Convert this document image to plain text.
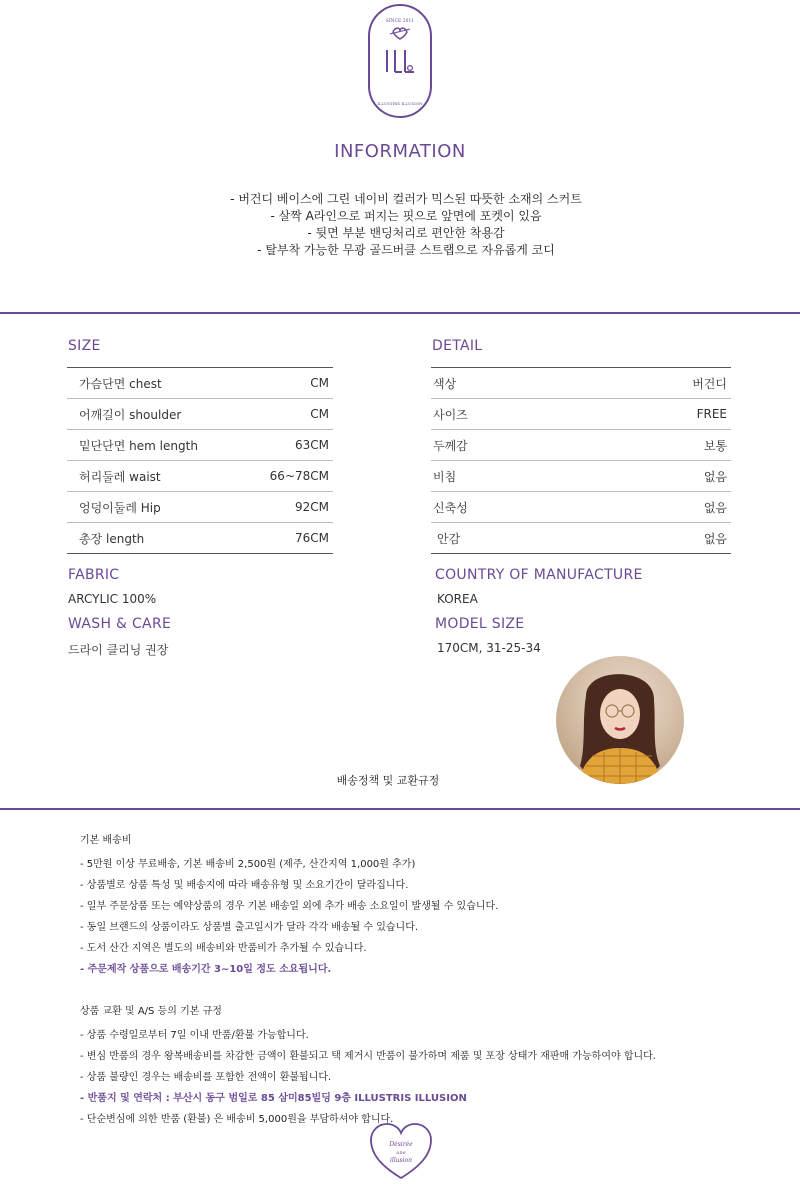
SINCE 2011
ILLUSTRIS ILLUSION
INFORMATION
- 버건디 베이스에 그린 네이비 컬러가 믹스된 따뜻한 소재의 스커트
- 살짝 A라인으로 퍼지는 핏으로 앞면에 포켓이 있음
- 뒷면 부분 밴딩처리로 편안한 착용감
- 탈부착 가능한 무광 골드버클 스트랩으로 자유롭게 코디
SIZE
가슴단면 chest	CM
어깨길이 shoulder	CM
밑단단면 hem length	63CM
허리둘레 waist	66~78CM
엉덩이둘레 Hip	92CM
총장 length	76CM
DETAIL
색상	버건디
사이즈	FREE
두께감	보통
비침	없음
신축성	없음
안감	없음
FABRIC
ARCYLIC 100%
WASH & CARE
드라이 클리닝 권장
COUNTRY OF MANUFACTURE
KOREA
MODEL SIZE
170CM, 31-25-34
배송정책 및 교환규정
기본 배송비
- 5만원 이상 무료배송, 기본 배송비 2,500원 (제주, 산간지역 1,000원 추가)
- 상품별로 상품 특성 및 배송지에 따라 배송유형 및 소요기간이 달라집니다.
- 일부 주문상품 또는 예약상품의 경우 기본 배송일 외에 추가 배송 소요일이 발생될 수 있습니다.
- 동일 브랜드의 상품이라도 상품별 출고일시가 달라 각각 배송될 수 있습니다.
- 도서 산간 지역은 별도의 배송비와 반품비가 추가될 수 있습니다.
- 주문제작 상품으로 배송기간 3~10일 정도 소요됩니다.
상품 교환 및 A/S 등의 기본 규정
- 상품 수령일로부터 7일 이내 반품/환불 가능합니다.
- 변심 반품의 경우 왕복배송비를 차감한 금액이 환불되고 택 제거시 반품이 불가하며 제품 및 포장 상태가 재판매 가능하여야 합니다.
- 상품 불량인 경우는 배송비를 포함한 전액이 환불됩니다.
- 반품지 및 연락처 : 부산시 동구 범일로 85 삼미85빌딩 9층 ILLUSTRIS ILLUSION
- 단순변심에 의한 반품 (환불) 은 배송비 5,000원을 부담하셔야 합니다.
Désirée
une
illusion
